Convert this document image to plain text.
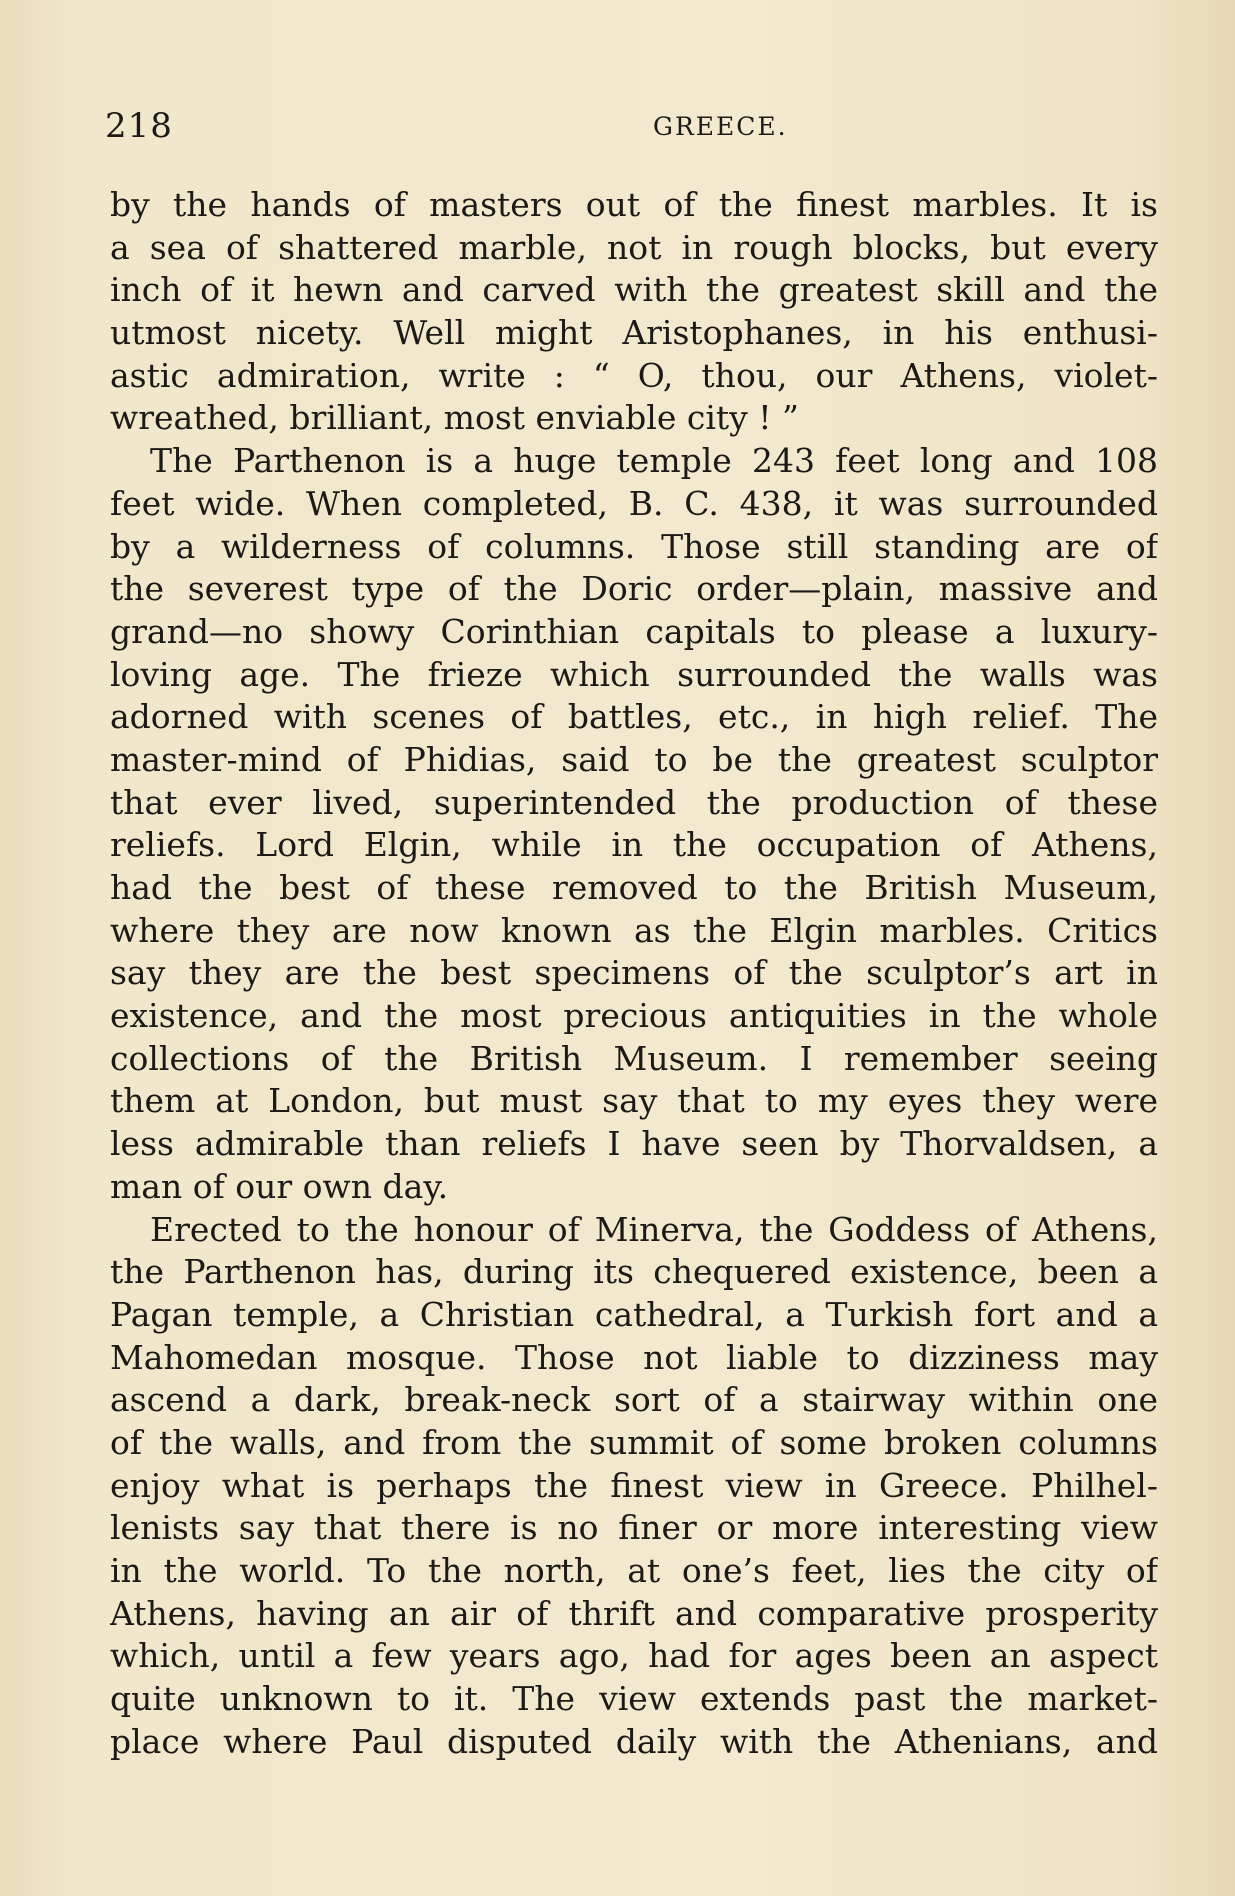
218	GREECE.
by the hands of masters out of the finest marbles. It is
a sea of shattered marble, not in rough blocks, but every
inch of it hewn and carved with the greatest skill and the
utmost nicety. Well might Aristophanes, in his enthusi-
astic admiration, write : “ O, thou, our Athens, violet-
wreathed, brilliant, most enviable city ! ”
The Parthenon is a huge temple 243 feet long and 108
feet wide. When completed, B. C. 438, it was surrounded
by a wilderness of columns. Those still standing are of
the severest type of the Doric order—plain, massive and
grand—no showy Corinthian capitals to please a luxury-
loving age. The frieze which surrounded the walls was
adorned with scenes of battles, etc., in high relief. The
master-mind of Phidias, said to be the greatest sculptor
that ever lived, superintended the production of these
reliefs. Lord Elgin, while in the occupation of Athens,
had the best of these removed to the British Museum,
where they are now known as the Elgin marbles. Critics
say they are the best specimens of the sculptor’s art in
existence, and the most precious antiquities in the whole
collections of the British Museum. I remember seeing
them at London, but must say that to my eyes they were
less admirable than reliefs I have seen by Thorvaldsen, a
man of our own day.
Erected to the honour of Minerva, the Goddess of Athens,
the Parthenon has, during its chequered existence, been a
Pagan temple, a Christian cathedral, a Turkish fort and a
Mahomedan mosque. Those not liable to dizziness may
ascend a dark, break-neck sort of a stairway within one
of the walls, and from the summit of some broken columns
enjoy what is perhaps the finest view in Greece. Philhel-
lenists say that there is no finer or more interesting view
in the world. To the north, at one’s feet, lies the city of
Athens, having an air of thrift and comparative prosperity
which, until a few years ago, had for ages been an aspect
quite unknown to it. The view extends past the market-
place where Paul disputed daily with the Athenians, and
